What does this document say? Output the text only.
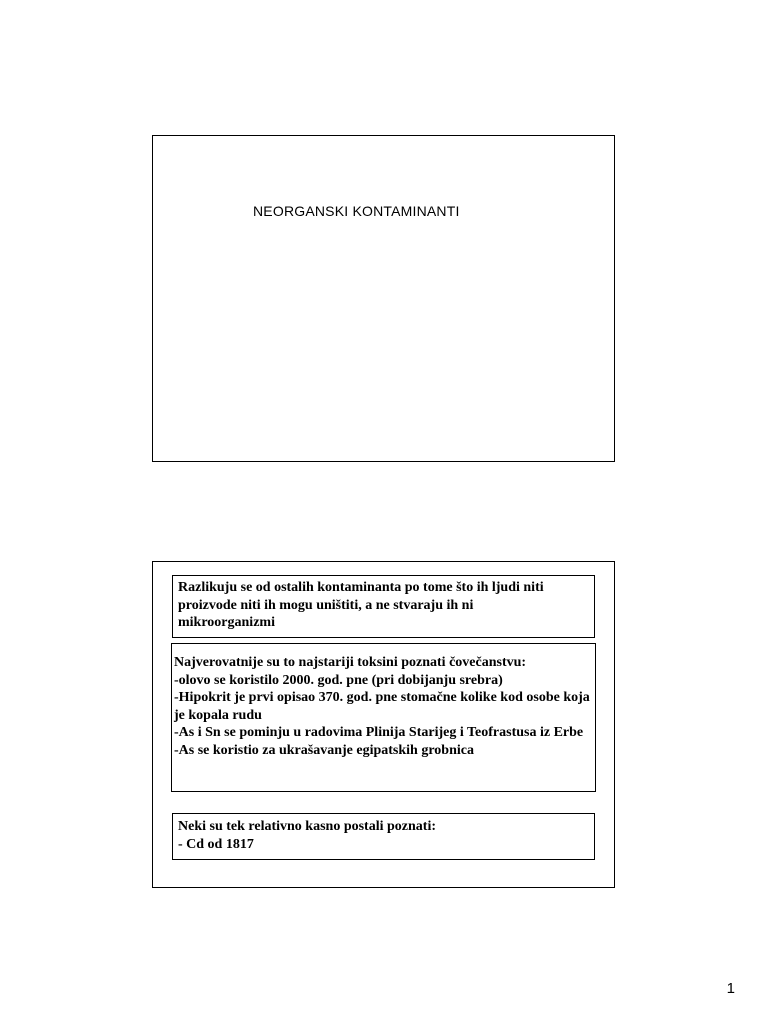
NEORGANSKI KONTAMINANTI
Razlikuju se od ostalih kontaminanta po tome što ih ljudi niti
proizvode niti ih mogu uništiti, a ne stvaraju ih ni
mikroorganizmi
Najverovatnije su to najstariji toksini poznati čovečanstvu:
-olovo se koristilo 2000. god. pne (pri dobijanju srebra)
-Hipokrit je prvi opisao 370. god. pne stomačne kolike kod osobe koja je kopala rudu
-As i Sn se pominju u radovima Plinija Starijeg i Teofrastusa iz Erbe
-As se koristio za ukrašavanje egipatskih grobnica
Neki su tek relativno kasno postali poznati:
- Cd od 1817
1
